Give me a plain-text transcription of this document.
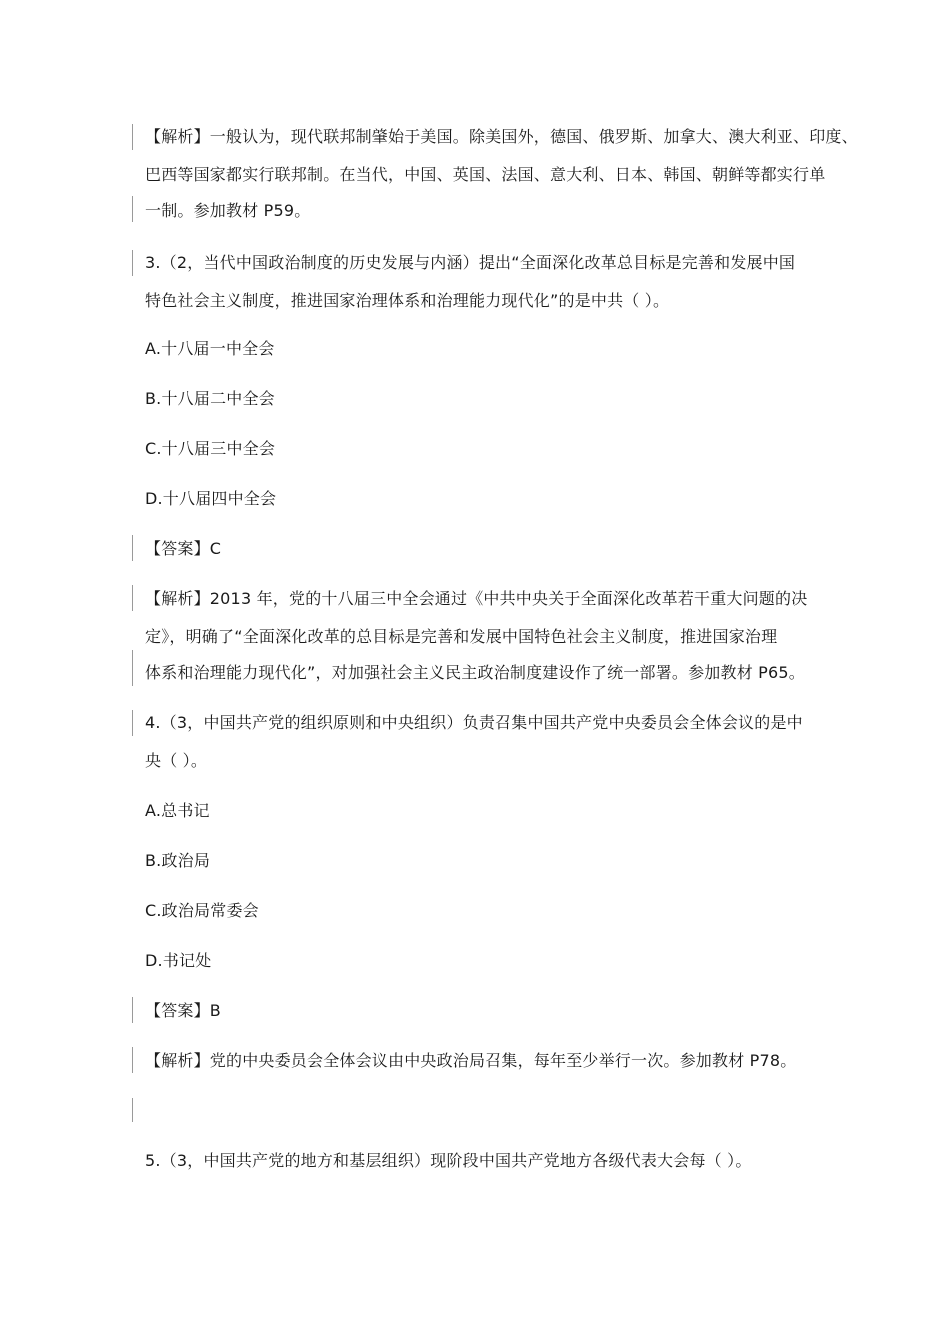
【解析】一般认为，现代联邦制肇始于美国。除美国外，德国、俄罗斯、加拿大、澳大利亚、印度、
巴西等国家都实行联邦制。在当代，中国、英国、法国、意大利、日本、韩国、朝鲜等都实行单
一制。参加教材 P59。
3.（2，当代中国政治制度的历史发展与内涵）提出“全面深化改革总目标是完善和发展中国
特色社会主义制度，推进国家治理体系和治理能力现代化”的是中共（ ）。
A.十八届一中全会
B.十八届二中全会
C.十八届三中全会
D.十八届四中全会
【答案】C
【解析】2013 年，党的十八届三中全会通过《中共中央关于全面深化改革若干重大问题的决
定》，明确了“全面深化改革的总目标是完善和发展中国特色社会主义制度，推进国家治理
体系和治理能力现代化”，对加强社会主义民主政治制度建设作了统一部署。参加教材 P65。
4.（3，中国共产党的组织原则和中央组织）负责召集中国共产党中央委员会全体会议的是中
央（ ）。
A.总书记
B.政治局
C.政治局常委会
D.书记处
【答案】B
【解析】党的中央委员会全体会议由中央政治局召集，每年至少举行一次。参加教材 P78。
5.（3，中国共产党的地方和基层组织）现阶段中国共产党地方各级代表大会每（ ）。
